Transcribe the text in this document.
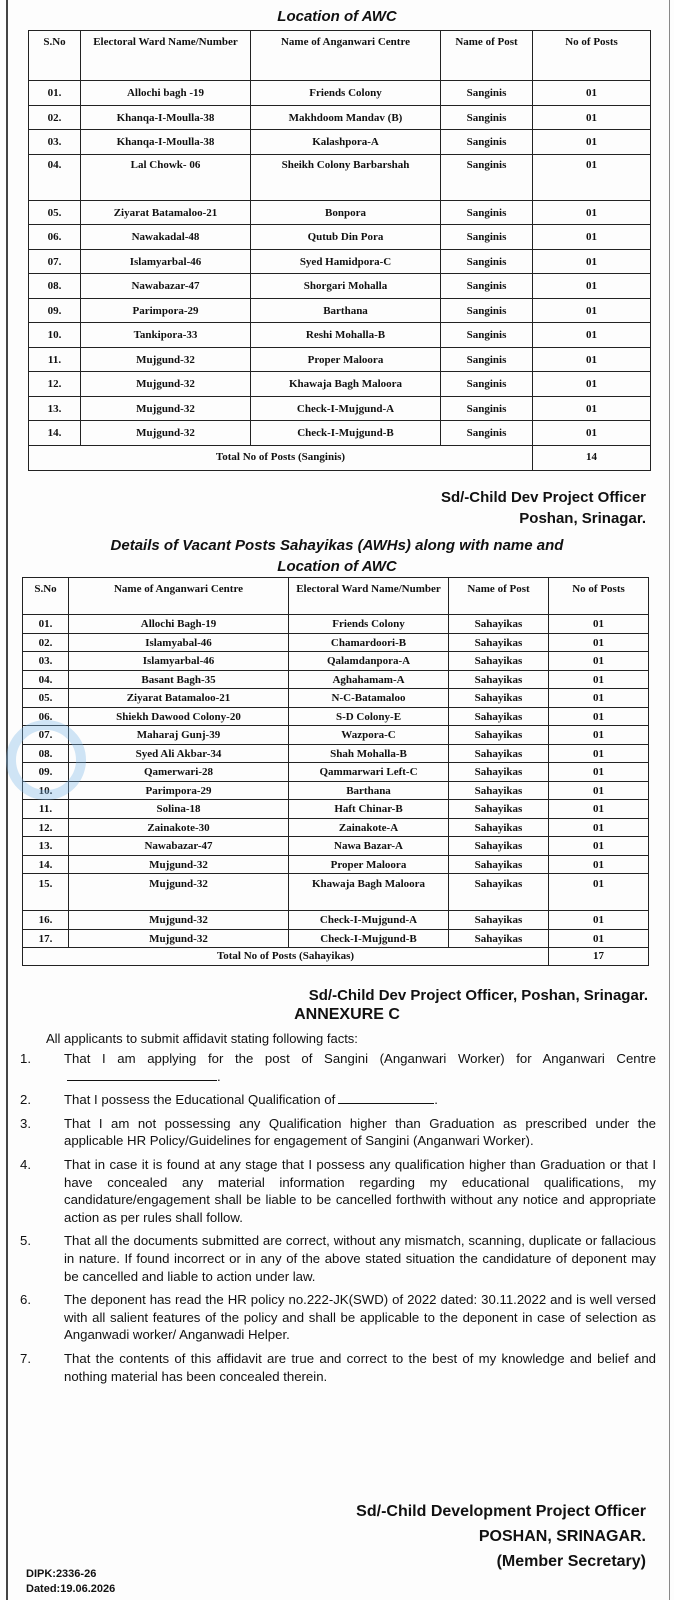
Location of AWC
S.No	Electoral Ward Name/Number	Name of Anganwari Centre	Name of Post	No of Posts
01.	Allochi bagh -19	Friends Colony	Sanginis	01
02.	Khanqa-I-Moulla-38	Makhdoom Mandav (B)	Sanginis	01
03.	Khanqa-I-Moulla-38	Kalashpora-A	Sanginis	01
04.	Lal Chowk- 06	Sheikh Colony Barbarshah	Sanginis	01
05.	Ziyarat Batamaloo-21	Bonpora	Sanginis	01
06.	Nawakadal-48	Qutub Din Pora	Sanginis	01
07.	Islamyarbal-46	Syed Hamidpora-C	Sanginis	01
08.	Nawabazar-47	Shorgari Mohalla	Sanginis	01
09.	Parimpora-29	Barthana	Sanginis	01
10.	Tankipora-33	Reshi Mohalla-B	Sanginis	01
11.	Mujgund-32	Proper Maloora	Sanginis	01
12.	Mujgund-32	Khawaja Bagh Maloora	Sanginis	01
13.	Mujgund-32	Check-I-Mujgund-A	Sanginis	01
14.	Mujgund-32	Check-I-Mujgund-B	Sanginis	01
Total No of Posts (Sanginis)				14
Sd/-Child Dev Project Officer
Poshan, Srinagar.
Details of Vacant Posts Sahayikas (AWHs) along with name and
Location of AWC
S.No	Name of Anganwari Centre	Electoral Ward Name/Number	Name of Post	No of Posts
01.	Allochi Bagh-19	Friends Colony	Sahayikas	01
02.	Islamyabal-46	Chamardoori-B	Sahayikas	01
03.	Islamyarbal-46	Qalamdanpora-A	Sahayikas	01
04.	Basant Bagh-35	Aghahamam-A	Sahayikas	01
05.	Ziyarat Batamaloo-21	N-C-Batamaloo	Sahayikas	01
06.	Shiekh Dawood Colony-20	S-D Colony-E	Sahayikas	01
07.	Maharaj Gunj-39	Wazpora-C	Sahayikas	01
08.	Syed Ali Akbar-34	Shah Mohalla-B	Sahayikas	01
09.	Qamerwari-28	Qammarwari Left-C	Sahayikas	01
10.	Parimpora-29	Barthana	Sahayikas	01
11.	Solina-18	Haft Chinar-B	Sahayikas	01
12.	Zainakote-30	Zainakote-A	Sahayikas	01
13.	Nawabazar-47	Nawa Bazar-A	Sahayikas	01
14.	Mujgund-32	Proper Maloora	Sahayikas	01
15.	Mujgund-32	Khawaja Bagh Maloora	Sahayikas	01
16.	Mujgund-32	Check-I-Mujgund-A	Sahayikas	01
17.	Mujgund-32	Check-I-Mujgund-B	Sahayikas	01
Total No of Posts (Sahayikas)				17
Sd/-Child Dev Project Officer, Poshan, Srinagar.
ANNEXURE C
All applicants to submit affidavit stating following facts:
1.	That I am applying for the post of Sangini (Anganwari Worker) for Anganwari Centre.
2.	That I possess the Educational Qualification of	.
3.	That I am not possessing any Qualification higher than Graduation as prescribed under the applicable HR Policy/Guidelines for engagement of Sangini (Anganwari Worker).
4.	That in case it is found at any stage that I possess any qualification higher than Graduation or that I have concealed any material information regarding my educational qualifications, my candidature/engagement shall be liable to be cancelled forthwith without any notice and appropriate action as per rules shall follow.
5.	That all the documents submitted are correct, without any mismatch, scanning, duplicate or fallacious in nature. If found incorrect or in any of the above stated situation the candidature of deponent may be cancelled and liable to action under law.
6.	The deponent has read the HR policy no.222-JK(SWD) of 2022 dated: 30.11.2022 and is well versed with all salient features of the policy and shall be applicable to the deponent in case of selection as Anganwadi worker/ Anganwadi Helper.
7.	That the contents of this affidavit are true and correct to the best of my knowledge and belief and nothing material has been concealed therein.
Sd/-Child Development Project Officer
POSHAN, SRINAGAR.
(Member Secretary)
DIPK:2336-26
Dated:19.06.2026
